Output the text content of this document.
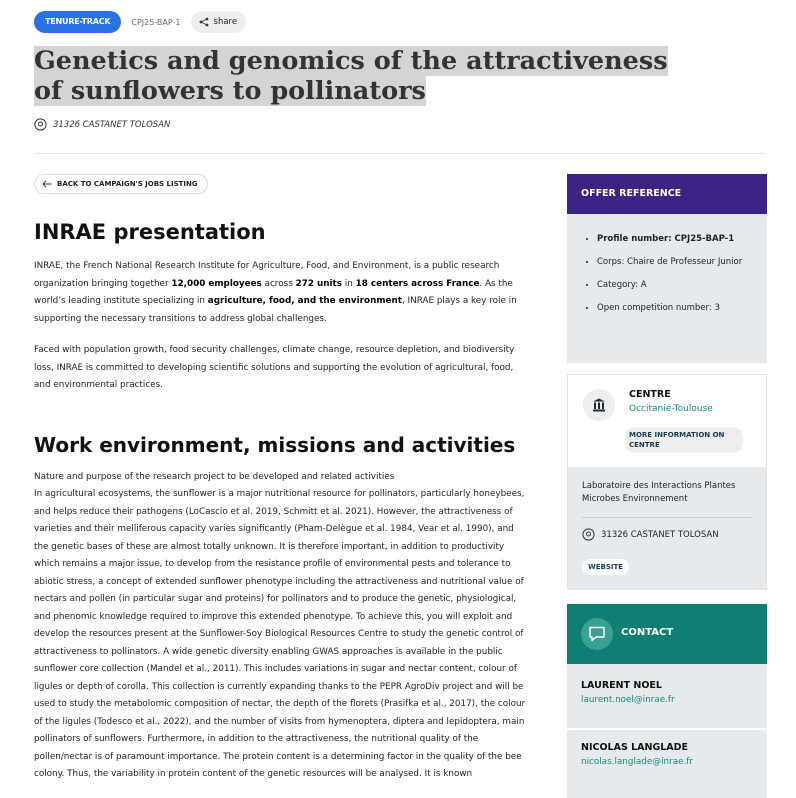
TENURE-TRACK	CPJ25-BAP-1	share
Genetics and genomics of the attractiveness of sunflowers to pollinators
31326 CASTANET TOLOSAN
BACK TO CAMPAIGN'S JOBS LISTING
INRAE presentation

INRAE, the French National Research Institute for Agriculture, Food, and Environment, is a public research organization bringing together 12,000 employees across 272 units in 18 centers across France. As the world’s leading institute specializing in agriculture, food, and the environment, INRAE plays a key role in supporting the necessary transitions to address global challenges.

Faced with population growth, food security challenges, climate change, resource depletion, and biodiversity loss, INRAE is committed to developing scientific solutions and supporting the evolution of agricultural, food, and environmental practices.

Work environment, missions and activities

Nature and purpose of the research project to be developed and related activities
In agricultural ecosystems, the sunflower is a major nutritional resource for pollinators, particularly honeybees, and helps reduce their pathogens (LoCascio et al. 2019, Schmitt et al. 2021). However, the attractiveness of varieties and their melliferous capacity varies significantly (Pham-Delègue et al. 1984, Vear et al. 1990), and the genetic bases of these are almost totally unknown. It is therefore important, in addition to productivity which remains a major issue, to develop from the resistance profile of environmental pests and tolerance to abiotic stress, a concept of extended sunflower phenotype including the attractiveness and nutritional value of nectars and pollen (in particular sugar and proteins) for pollinators and to produce the genetic, physiological, and phenomic knowledge required to improve this extended phenotype. To achieve this, you will exploit and develop the resources present at the Sunflower-Soy Biological Resources Centre to study the genetic control of attractiveness to pollinators. A wide genetic diversity enabling GWAS approaches is available in the public sunflower core collection (Mandel et al., 2011). This includes variations in sugar and nectar content, colour of ligules or depth of corolla. This collection is currently expanding thanks to the PEPR AgroDiv project and will be used to study the metabolomic composition of nectar, the depth of the florets (Prasifka et al., 2017), the colour of the ligules (Todesco et al., 2022), and the number of visits from hymenoptera, diptera and lepidoptera, main pollinators of sunflowers. Furthermore, in addition to the attractiveness, the nutritional quality of the pollen/nectar is of paramount importance. The protein content is a determining factor in the quality of the bee colony. Thus, the variability in protein content of the genetic resources will be analysed. It is known

OFFER REFERENCE
• Profile number: CPJ25-BAP-1
• Corps: Chaire de Professeur Junior
• Category: A
• Open competition number: 3
CENTRE
Occitanie-Toulouse
MORE INFORMATION ON CENTRE
Laboratoire des Interactions Plantes Microbes Environnement
31326 CASTANET TOLOSAN
WEBSITE
CONTACT
LAURENT NOEL
laurent.noel@inrae.fr
NICOLAS LANGLADE
nicolas.langlade@inrae.fr
